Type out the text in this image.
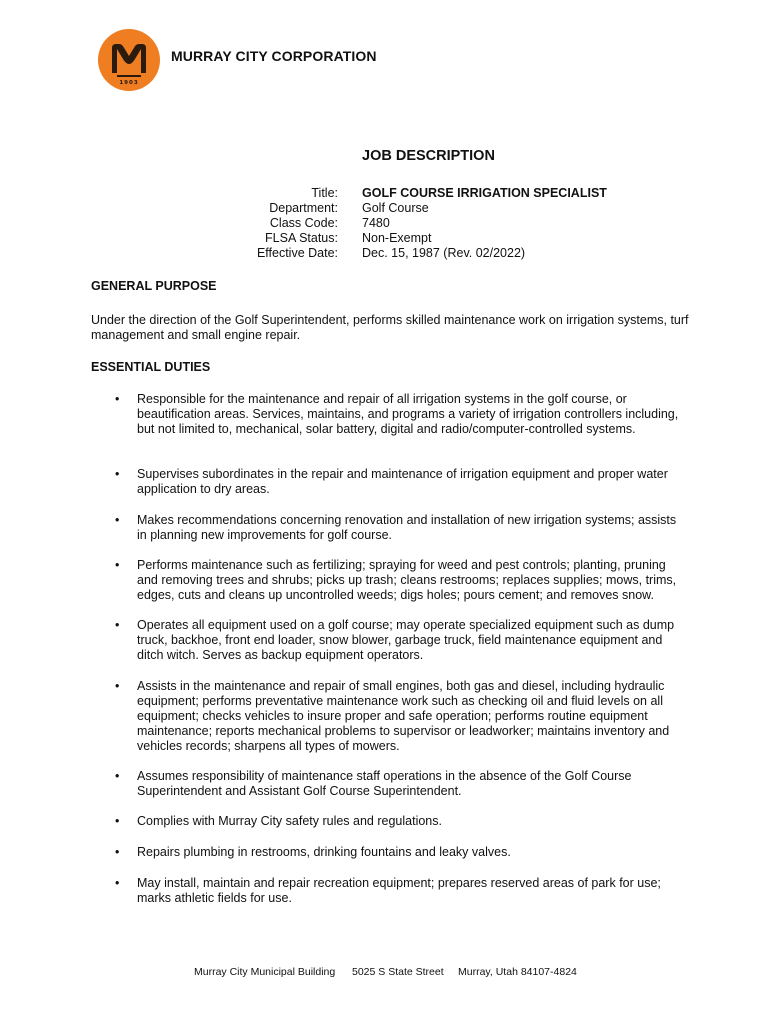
1903
MURRAY CITY CORPORATION
JOB DESCRIPTION
Title:
Department:
Class Code:
FLSA Status:
Effective Date:
GOLF COURSE IRRIGATION SPECIALIST
Golf Course
7480
Non-Exempt
Dec. 15, 1987 (Rev. 02/2022)
GENERAL PURPOSE
Under the direction of the Golf Superintendent, performs skilled maintenance work on irrigation systems, turf management and small engine repair.
ESSENTIAL DUTIES
• Responsible for the maintenance and repair of all irrigation systems in the golf course, or beautification areas. Services, maintains, and programs a variety of irrigation controllers including, but not limited to, mechanical, solar battery, digital and radio/computer-controlled systems.
• Supervises subordinates in the repair and maintenance of irrigation equipment and proper water application to dry areas.
• Makes recommendations concerning renovation and installation of new irrigation systems; assists in planning new improvements for golf course.
• Performs maintenance such as fertilizing; spraying for weed and pest controls; planting, pruning and removing trees and shrubs; picks up trash; cleans restrooms; replaces supplies; mows, trims, edges, cuts and cleans up uncontrolled weeds; digs holes; pours cement; and removes snow.
• Operates all equipment used on a golf course; may operate specialized equipment such as dump truck, backhoe, front end loader, snow blower, garbage truck, field maintenance equipment and ditch witch. Serves as backup equipment operators.
• Assists in the maintenance and repair of small engines, both gas and diesel, including hydraulic equipment; performs preventative maintenance work such as checking oil and fluid levels on all equipment; checks vehicles to insure proper and safe operation; performs routine equipment maintenance; reports mechanical problems to supervisor or leadworker; maintains inventory and vehicles records; sharpens all types of mowers.
• Assumes responsibility of maintenance staff operations in the absence of the Golf Course Superintendent and Assistant Golf Course Superintendent.
• Complies with Murray City safety rules and regulations.
• Repairs plumbing in restrooms, drinking fountains and leaky valves.
• May install, maintain and repair recreation equipment; prepares reserved areas of park for use; marks athletic fields for use.
Murray City Municipal Building 5025 S State Street Murray, Utah 84107-4824
